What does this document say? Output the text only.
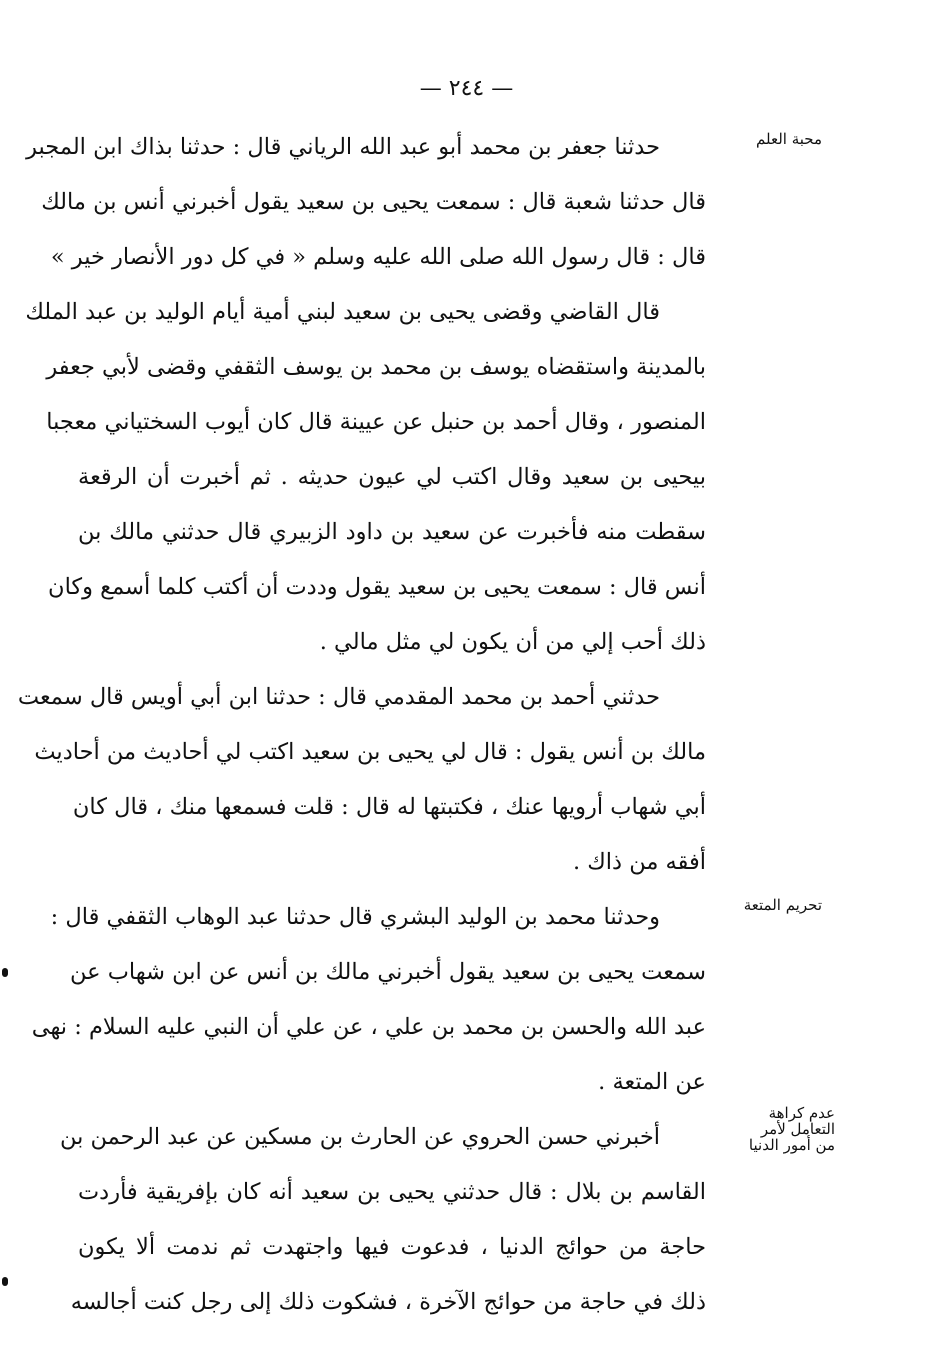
— ٢٤٤ —
محبة العلم
تحريم المتعة
عدم كراهة
التعامل لأمر
من أمور الدنيا
حدثنا جعفر بن محمد أبو عبد الله الرياني قال : حدثنا بذاك ابن المجبر
قال حدثنا شعبة قال : سمعت يحيى بن سعيد يقول أخبرني أنس بن مالك
قال : قال رسول الله صلى الله عليه وسلم « في كل دور الأنصار خير »
قال القاضي وقضى يحيى بن سعيد لبني أمية أيام الوليد بن عبد الملك
بالمدينة واستقضاه يوسف بن محمد بن يوسف الثقفي وقضى لأبي جعفر
المنصور ، وقال أحمد بن حنبل عن عيينة قال كان أيوب السختياني معجبا
بيحيى بن سعيد وقال اكتب لي عيون حديثه . ثم أخبرت أن الرقعة
سقطت منه فأخبرت عن سعيد بن داود الزبيري قال حدثني مالك بن
أنس قال : سمعت يحيى بن سعيد يقول وددت أن أكتب كلما أسمع وكان
ذلك أحب إلي من أن يكون لي مثل مالي .
حدثني أحمد بن محمد المقدمي قال : حدثنا ابن أبي أويس قال سمعت
مالك بن أنس يقول : قال لي يحيى بن سعيد اكتب لي أحاديث من أحاديث
أبي شهاب أرويها عنك ، فكتبتها له قال : قلت فسمعها منك ، قال كان
أفقه من ذاك .
وحدثنا محمد بن الوليد البشري قال حدثنا عبد الوهاب الثقفي قال :
سمعت يحيى بن سعيد يقول أخبرني مالك بن أنس عن ابن شهاب عن
عبد الله والحسن بن محمد بن علي ، عن علي أن النبي عليه السلام : نهى
عن المتعة .
أخبرني حسن الحروي عن الحارث بن مسكين عن عبد الرحمن بن
القاسم بن بلال : قال حدثني يحيى بن سعيد أنه كان بإفريقية فأردت
حاجة من حوائج الدنيا ، فدعوت فيها واجتهدت ثم ندمت ألا يكون
ذلك في حاجة من حوائج الآخرة ، فشكوت ذلك إلى رجل كنت أجالسه
